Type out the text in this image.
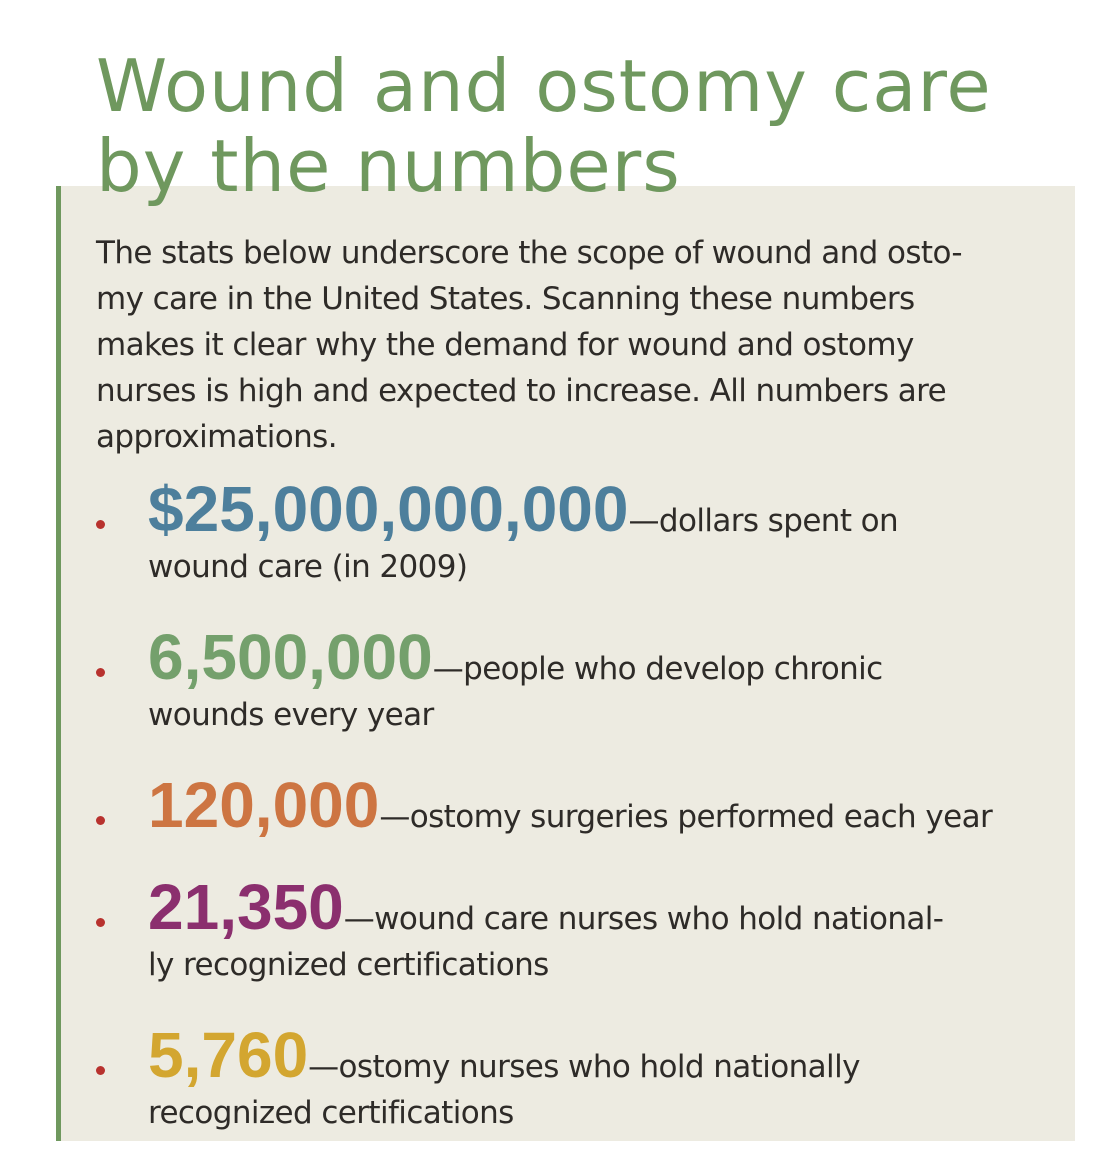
Wound and ostomy care
by the numbers

The stats below underscore the scope of wound and osto-
my care in the United States. Scanning these numbers
makes it clear why the demand for wound and ostomy
nurses is high and expected to increase. All numbers are
approximations.

$25,000,000,000—dollars spent on
wound care (in 2009)
6,500,000—people who develop chronic
wounds every year
120,000—ostomy surgeries performed each year
21,350—wound care nurses who hold national-
ly recognized certifications
5,760—ostomy nurses who hold nationally
recognized certifications
